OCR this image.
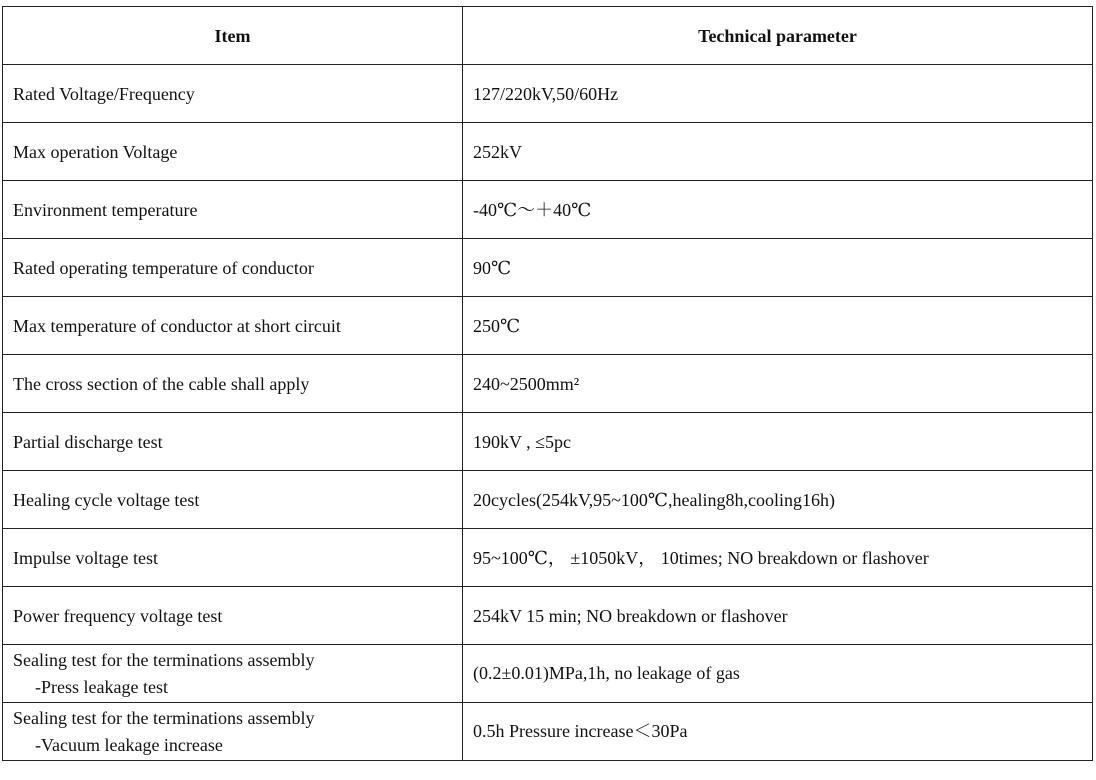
Item	Technical parameter
Rated Voltage/Frequency	127/220kV,50/60Hz
Max operation Voltage	252kV
Environment temperature	-40℃～＋40℃
Rated operating temperature of conductor	90℃
Max temperature of conductor at short circuit	250℃
The cross section of the cable shall apply	240~2500mm²
Partial discharge test	190kV , ≤5pc
Healing cycle voltage test	20cycles(254kV,95~100℃,healing8h,cooling16h)
Impulse voltage test	95~100℃， ±1050kV， 10times; NO breakdown or flashover
Power frequency voltage test	254kV 15 min; NO breakdown or flashover

Sealing test for the terminations assembly
-Press leakage test	(0.2±0.01)MPa,1h, no leakage of gas

Sealing test for the terminations assembly
-Vacuum leakage increase	0.5h Pressure increase＜30Pa
